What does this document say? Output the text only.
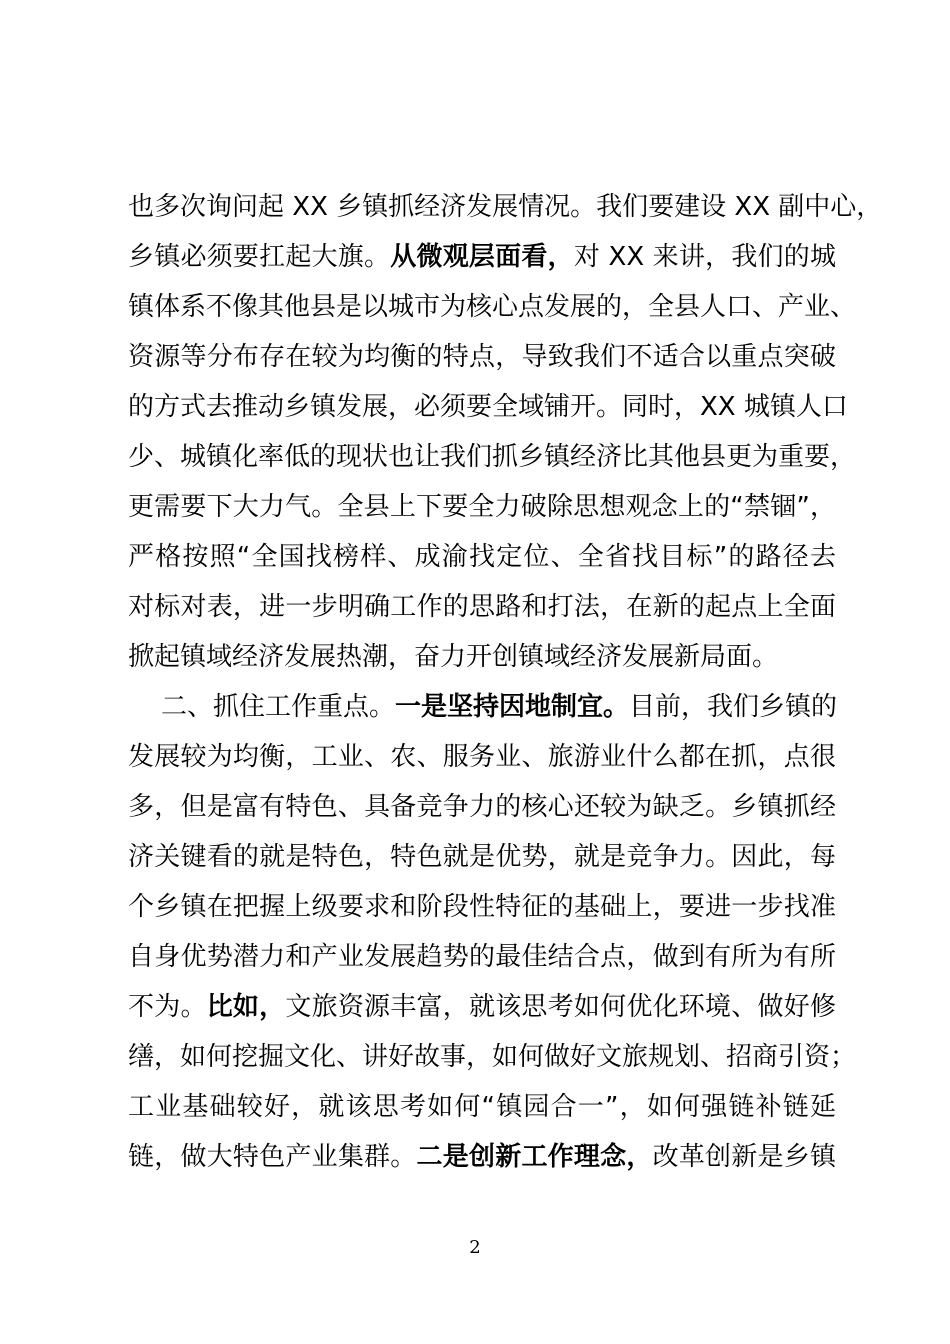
也多次询问起 XX 乡镇抓经济发展情况。我们要建设 XX 副中心，
乡镇必须要扛起大旗。从微观层面看，对 XX 来讲，我们的城
镇体系不像其他县是以城市为核心点发展的，全县人口、产业、
资源等分布存在较为均衡的特点，导致我们不适合以重点突破
的方式去推动乡镇发展，必须要全域铺开。同时，XX 城镇人口
少、城镇化率低的现状也让我们抓乡镇经济比其他县更为重要，
更需要下大力气。全县上下要全力破除思想观念上的“禁锢”，
严格按照“全国找榜样、成渝找定位、全省找目标”的路径去
对标对表，进一步明确工作的思路和打法，在新的起点上全面
掀起镇域经济发展热潮，奋力开创镇域经济发展新局面。
二、抓住工作重点。一是坚持因地制宜。目前，我们乡镇的
发展较为均衡，工业、农、服务业、旅游业什么都在抓，点很
多，但是富有特色、具备竞争力的核心还较为缺乏。乡镇抓经
济关键看的就是特色，特色就是优势，就是竞争力。因此，每
个乡镇在把握上级要求和阶段性特征的基础上，要进一步找准
自身优势潜力和产业发展趋势的最佳结合点，做到有所为有所
不为。比如，文旅资源丰富，就该思考如何优化环境、做好修
缮，如何挖掘文化、讲好故事，如何做好文旅规划、招商引资；
工业基础较好，就该思考如何“镇园合一”，如何强链补链延
链，做大特色产业集群。二是创新工作理念，改革创新是乡镇
2
